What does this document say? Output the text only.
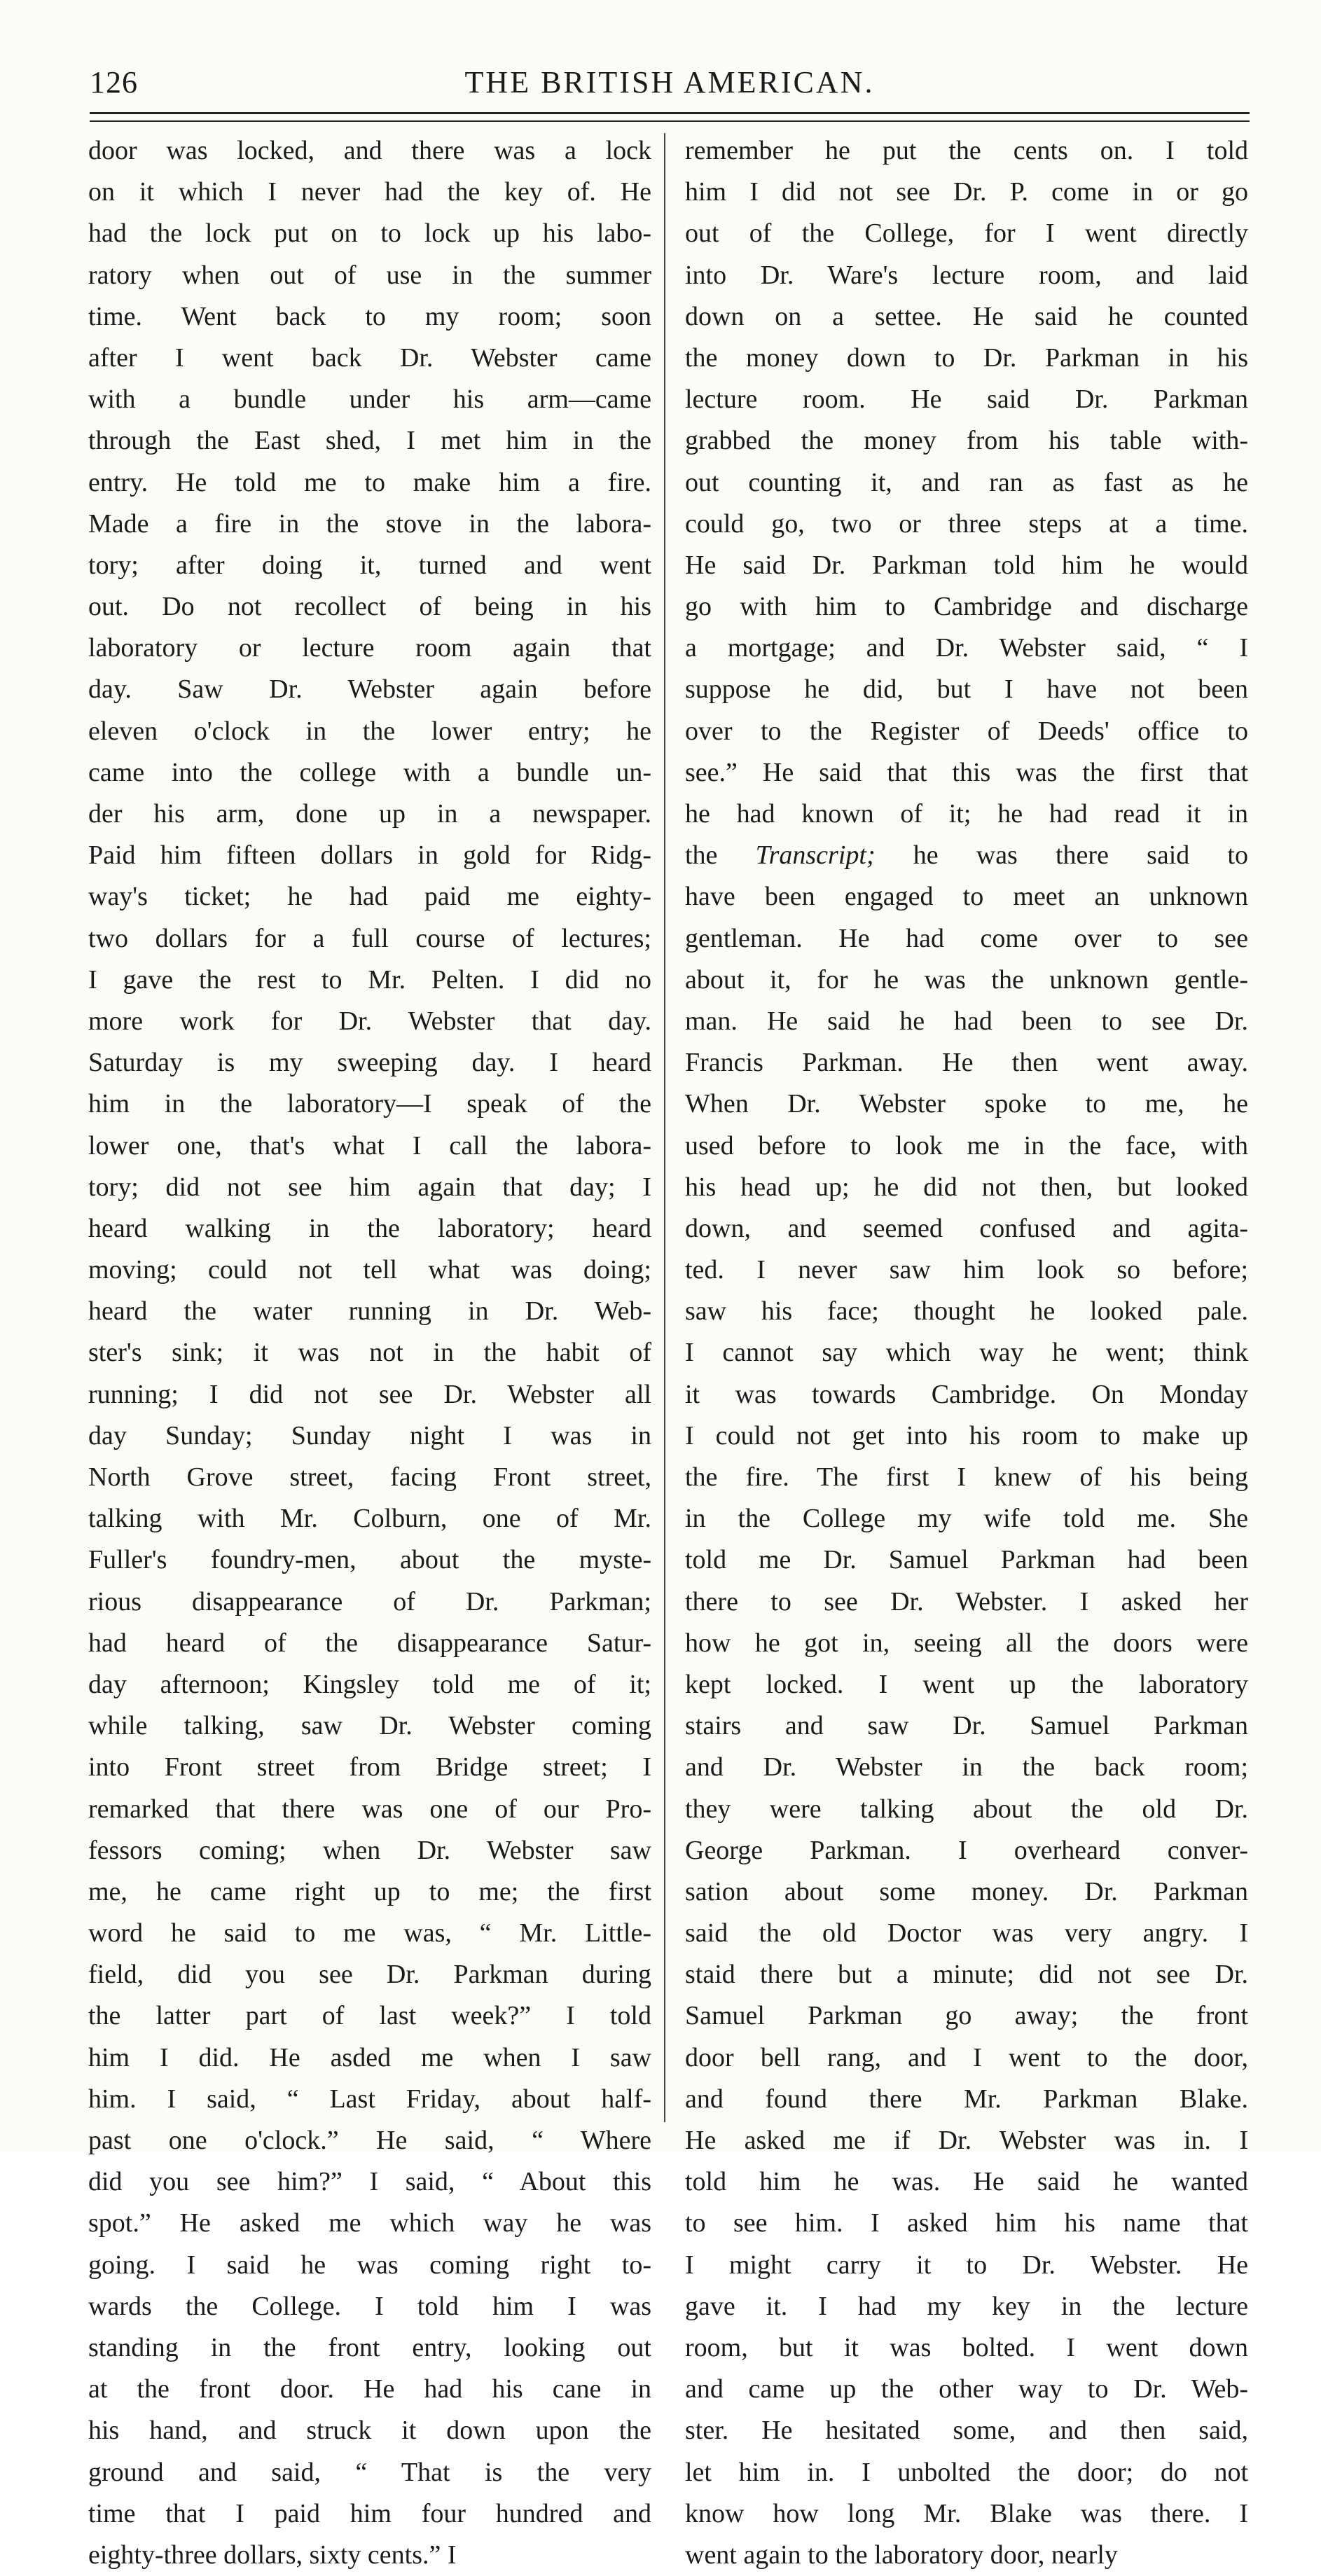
126	THE BRITISH AMERICAN.
door was locked, and there was a lock
on it which I never had the key of. He
had the lock put on to lock up his labo-
ratory when out of use in the summer
time. Went back to my room; soon
after I went back Dr. Webster came
with a bundle under his arm—came
through the East shed, I met him in the
entry. He told me to make him a fire.
Made a fire in the stove in the labora-
tory; after doing it, turned and went
out. Do not recollect of being in his
laboratory or lecture room again that
day. Saw Dr. Webster again before
eleven o'clock in the lower entry; he
came into the college with a bundle un-
der his arm, done up in a newspaper.
Paid him fifteen dollars in gold for Ridg-
way's ticket; he had paid me eighty-
two dollars for a full course of lectures;
I gave the rest to Mr. Pelten. I did no
more work for Dr. Webster that day.
Saturday is my sweeping day. I heard
him in the laboratory—I speak of the
lower one, that's what I call the labora-
tory; did not see him again that day; I
heard walking in the laboratory; heard
moving; could not tell what was doing;
heard the water running in Dr. Web-
ster's sink; it was not in the habit of
running; I did not see Dr. Webster all
day Sunday; Sunday night I was in
North Grove street, facing Front street,
talking with Mr. Colburn, one of Mr.
Fuller's foundry-men, about the myste-
rious disappearance of Dr. Parkman;
had heard of the disappearance Satur-
day afternoon; Kingsley told me of it;
while talking, saw Dr. Webster coming
into Front street from Bridge street; I
remarked that there was one of our Pro-
fessors coming; when Dr. Webster saw
me, he came right up to me; the first
word he said to me was, “ Mr. Little-
field, did you see Dr. Parkman during
the latter part of last week?” I told
him I did. He asded me when I saw
him. I said, “ Last Friday, about half-
past one o'clock.” He said, “ Where
did you see him?” I said, “ About this
spot.” He asked me which way he was
going. I said he was coming right to-
wards the College. I told him I was
standing in the front entry, looking out
at the front door. He had his cane in
his hand, and struck it down upon the
ground and said, “ That is the very
time that I paid him four hundred and
eighty-three dollars, sixty cents.” I
remember he put the cents on. I told
him I did not see Dr. P. come in or go
out of the College, for I went directly
into Dr. Ware's lecture room, and laid
down on a settee. He said he counted
the money down to Dr. Parkman in his
lecture room. He said Dr. Parkman
grabbed the money from his table with-
out counting it, and ran as fast as he
could go, two or three steps at a time.
He said Dr. Parkman told him he would
go with him to Cambridge and discharge
a mortgage; and Dr. Webster said, “ I
suppose he did, but I have not been
over to the Register of Deeds' office to
see.” He said that this was the first that
he had known of it; he had read it in
the Transcript; he was there said to
have been engaged to meet an unknown
gentleman. He had come over to see
about it, for he was the unknown gentle-
man. He said he had been to see Dr.
Francis Parkman. He then went away.
When Dr. Webster spoke to me, he
used before to look me in the face, with
his head up; he did not then, but looked
down, and seemed confused and agita-
ted. I never saw him look so before;
saw his face; thought he looked pale.
I cannot say which way he went; think
it was towards Cambridge. On Monday
I could not get into his room to make up
the fire. The first I knew of his being
in the College my wife told me. She
told me Dr. Samuel Parkman had been
there to see Dr. Webster. I asked her
how he got in, seeing all the doors were
kept locked. I went up the laboratory
stairs and saw Dr. Samuel Parkman
and Dr. Webster in the back room;
they were talking about the old Dr.
George Parkman. I overheard conver-
sation about some money. Dr. Parkman
said the old Doctor was very angry. I
staid there but a minute; did not see Dr.
Samuel Parkman go away; the front
door bell rang, and I went to the door,
and found there Mr. Parkman Blake.
He asked me if Dr. Webster was in. I
told him he was. He said he wanted
to see him. I asked him his name that
I might carry it to Dr. Webster. He
gave it. I had my key in the lecture
room, but it was bolted. I went down
and came up the other way to Dr. Web-
ster. He hesitated some, and then said,
let him in. I unbolted the door; do not
know how long Mr. Blake was there. I
went again to the laboratory door, nearly
